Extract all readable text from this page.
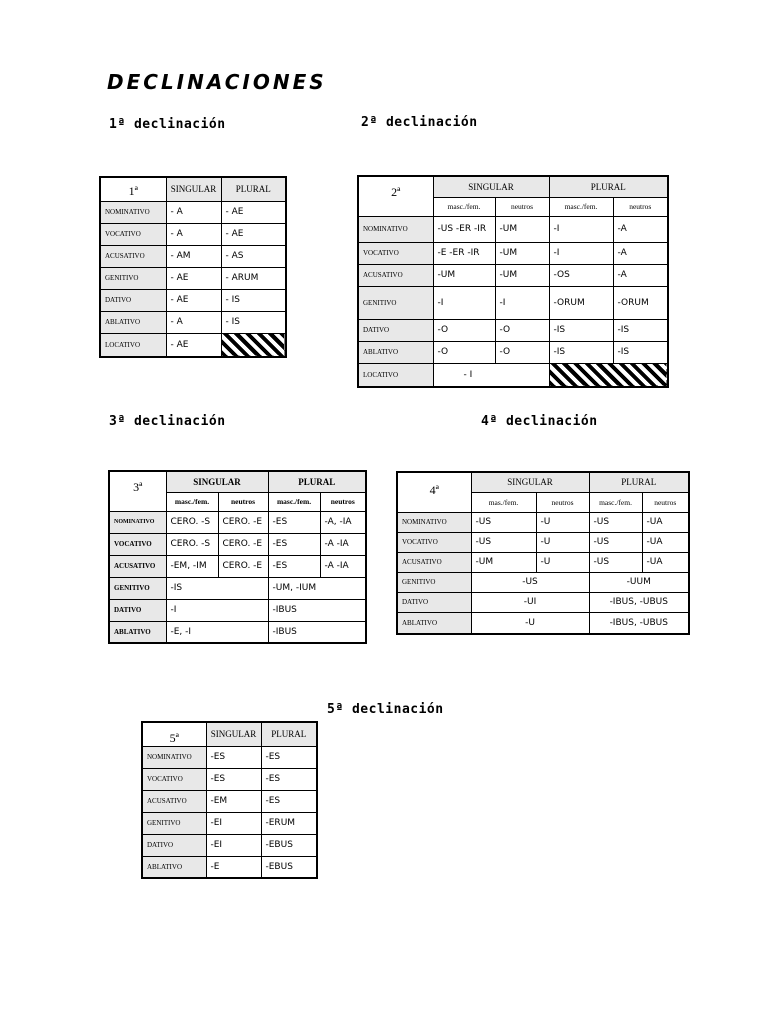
DECLINACIONES
1ª declinación	2ª declinación
3ª declinación	4ª declinación
5ª declinación
1ª	SINGULAR	PLURAL
NOMINATIVO	- A	- AE
VOCATIVO	- A	- AE
ACUSATIVO	- AM	- AS
GENITIVO	- AE	- ARUM
DATIVO	- AE	- IS
ABLATIVO	- A	- IS
LOCATIVO	- AE	
2ª	SINGULAR		PLURAL	
	masc./fem.	neutros	masc./fem.	neutros
NOMINATIVO	-US -ER -IR	-UM	-I	-A
VOCATIVO	-E -ER -IR	-UM	-I	-A
ACUSATIVO	-UM	-UM	-OS	-A
GENITIVO	-I	-I	-ORUM	-ORUM
DATIVO	-O	-O	-IS	-IS
ABLATIVO	-O	-O	-IS	-IS
LOCATIVO	- I			
3ª	SINGULAR		PLURAL	
	masc./fem.	neutros	masc./fem.	neutros
NOMINATIVO	CERO. -S	CERO. -E	-ES	-A, -IA
VOCATIVO	CERO. -S	CERO. -E	-ES	-A -IA
ACUSATIVO	-EM, -IM	CERO. -E	-ES	-A -IA
GENITIVO	-IS		-UM, -IUM	
DATIVO	-I		-IBUS	
ABLATIVO	-E, -I		-IBUS	
4ª	SINGULAR		PLURAL	
	mas./fem.	neutros	masc./fem.	neutros
NOMINATIVO	-US	-U	-US	-UA
VOCATIVO	-US	-U	-US	-UA
ACUSATIVO	-UM	-U	-US	-UA
GENITIVO	-US		-UUM	
DATIVO	-UI		-IBUS, -UBUS	
ABLATIVO	-U		-IBUS, -UBUS	
5ª	SINGULAR	PLURAL
NOMINATIVO	-ES	-ES
VOCATIVO	-ES	-ES
ACUSATIVO	-EM	-ES
GENITIVO	-EI	-ERUM
DATIVO	-EI	-EBUS
ABLATIVO	-E	-EBUS
